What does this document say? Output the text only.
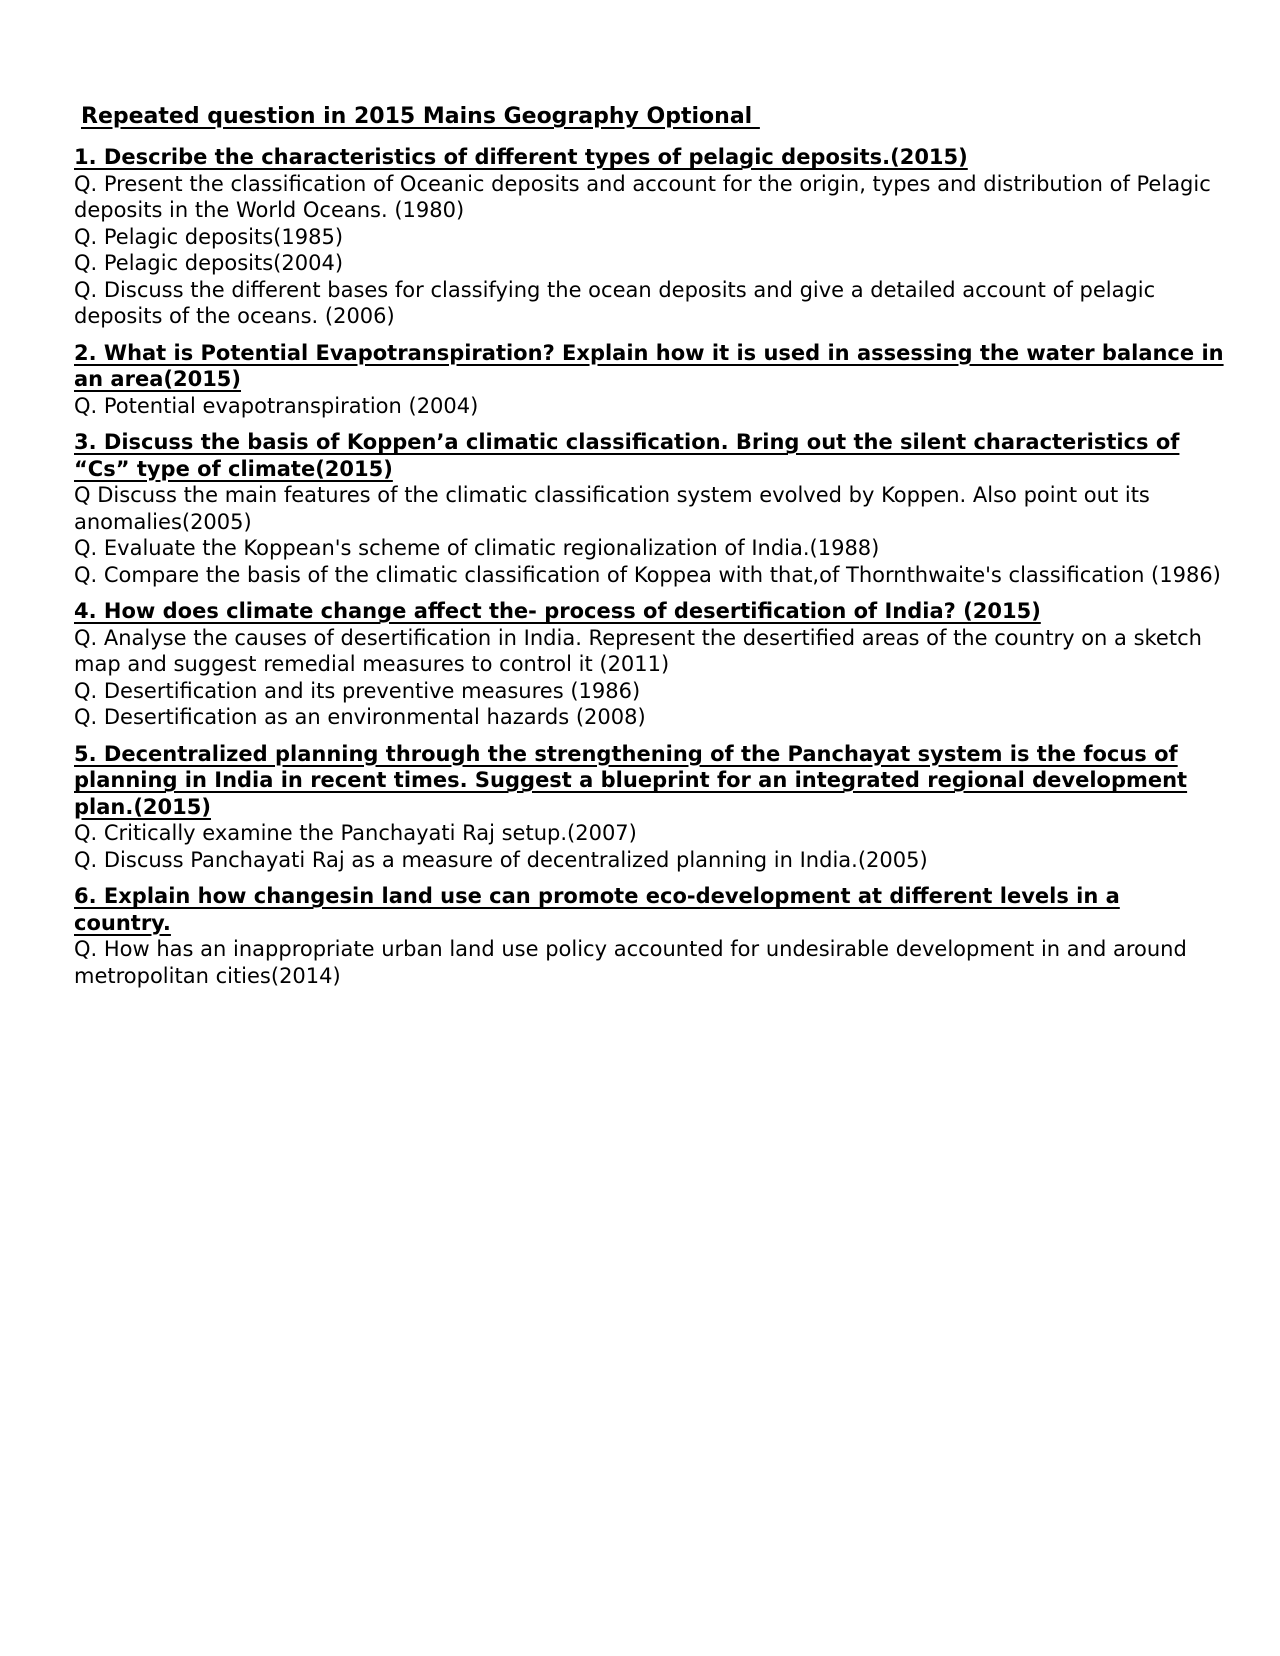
Repeated question in 2015 Mains Geography Optional

1. Describe the characteristics of different types of pelagic deposits.(2015)

Q. Present the classification of Oceanic deposits and account for the origin, types and distribution of Pelagic deposits in the World Oceans. (1980)

Q. Pelagic deposits(1985)

Q. Pelagic deposits(2004)

Q. Discuss the different bases for classifying the ocean deposits and give a detailed account of pelagic deposits of the oceans. (2006)

2. What is Potential Evapotranspiration? Explain how it is used in assessing the water balance in an area(2015)

Q. Potential evapotranspiration (2004)

3. Discuss the basis of Koppen’a climatic classification. Bring out the silent characteristics of “Cs” type of climate(2015)

Q Discuss the main features of the climatic classification system evolved by Koppen. Also point out its anomalies(2005)

Q. Evaluate the Koppean's scheme of climatic regionalization of India.(1988)

Q. Compare the basis of the climatic classification of Koppea with that,of Thornthwaite's classification (1986)

4. How does climate change affect the- process of desertification of India? (2015)

Q. Analyse the causes of desertification in India. Represent the desertified areas of the country on a sketch map and suggest remedial measures to control it (2011)

Q. Desertification and its preventive measures (1986)

Q. Desertification as an environmental hazards (2008)

5. Decentralized planning through the strengthening of the Panchayat system is the focus of planning in India in recent times. Suggest a blueprint for an integrated regional development plan.(2015)

Q. Critically examine the Panchayati Raj setup.(2007)

Q. Discuss Panchayati Raj as a measure of decentralized planning in India.(2005)

6. Explain how changesin land use can promote eco-development at different levels in a country.

Q. How has an inappropriate urban land use policy accounted for undesirable development in and around metropolitan cities(2014)
